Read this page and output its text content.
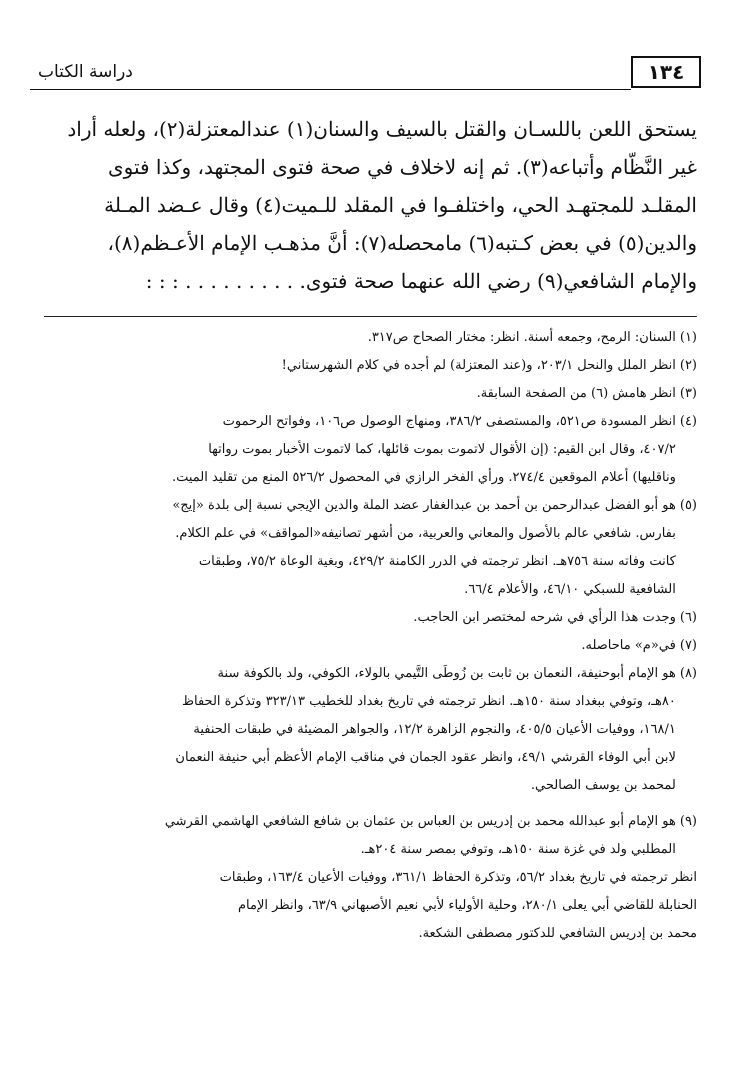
١٣٤
دراسة الكتاب

يستحق اللعن باللسـان والقتل بالسيف والسنان(١) عندالمعتزلة(٢)، ولعله أراد

غير النَّظّام وأتباعه(٣). ثم إنه لاخلاف في صحة فتوى المجتهد، وكذا فتوى

المقلـد للمجتهـد الحي، واختلفـوا في المقلد للـميت(٤) وقال عـضد المـلة

والدين(٥) في بعض كـتبه(٦) مامحصله(٧): أنَّ مذهـب الإمام الأعـظم(٨)،

والإمام الشافعي(٩) رضي الله عنهما صحة فتوى. . . . . . . . . . : : :

(١)
السنان: الرمح، وجمعه أسنة. انظر: مختار الصحاح ص٣١٧.
(٢)
انظر الملل والنحل ٢٠٣/١، و(عند المعتزلة) لم أجده في كلام الشهرستاني!
(٣)
انظر هامش (٦) من الصفحة السابقة.
(٤)
انظر المسودة ص٥٢١، والمستصفى ٣٨٦/٢، ومنهاج الوصول ص١٠٦، وفواتح الرحموت
٤٠٧/٢، وقال ابن القيم: (إن الأقوال لاتموت بموت قائلها، كما لاتموت الأخبار بموت رواتها
وناقليها) أعلام الموقعين ٢٧٤/٤. ورأي الفخر الرازي في المحصول ٥٢٦/٢ المنع من تقليد الميت.
(٥)
هو أبو الفضل عبدالرحمن بن أحمد بن عبدالغفار عضد الملة والدين الإيجي نسبة إلى بلدة «إيج»
بفارس. شافعي عالم بالأصول والمعاني والعربية، من أشهر تصانيفه«المواقف» في علم الكلام.
كانت وفاته سنة ٧٥٦هـ. انظر ترجمته في الدرر الكامنة ٤٢٩/٢، وبغية الوعاة ٧٥/٢، وطبقات
الشافعية للسبكي ٤٦/١٠، والأعلام ٦٦/٤.
(٦)
وجدت هذا الرأي في شرحه لمختصر ابن الحاجب.
(٧)
في«م» ماحاصله.
(٨)
هو الإمام أبوحنيفة، النعمان بن ثابت بن زُوطَى التَّيمي بالولاء، الكوفي، ولد بالكوفة سنة
٨٠هـ، وتوفي ببغداد سنة ١٥٠هـ. انظر ترجمته في تاريخ بغداد للخطيب ٣٢٣/١٣ وتذكرة الحفاظ
١٦٨/١، ووفيات الأعيان ٤٠٥/٥، والنجوم الزاهرة ١٢/٢، والجواهر المضيئة في طبقات الحنفية
لابن أبي الوفاء القرشي ٤٩/١، وانظر عقود الجمان في مناقب الإمام الأعظم أبي حنيفة النعمان
لمحمد بن يوسف الصالحي.
(٩)
هو الإمام أبو عبدالله محمد بن إدريس بن العباس بن عثمان بن شافع الشافعي الهاشمي القرشي
المطلبي ولد في غزة سنة ١٥٠هـ، وتوفي بمصر سنة ٢٠٤هـ.
انظر ترجمته في تاريخ بغداد ٥٦/٢، وتذكرة الحفاظ ٣٦١/١، ووفيات الأعيان ١٦٣/٤، وطبقات
الحنابلة للقاضي أبي يعلى ٢٨٠/١، وحلية الأولياء لأبي نعيم الأصبهاني ٦٣/٩، وانظر الإمام
محمد بن إدريس الشافعي للدكتور مصطفى الشكعة.
